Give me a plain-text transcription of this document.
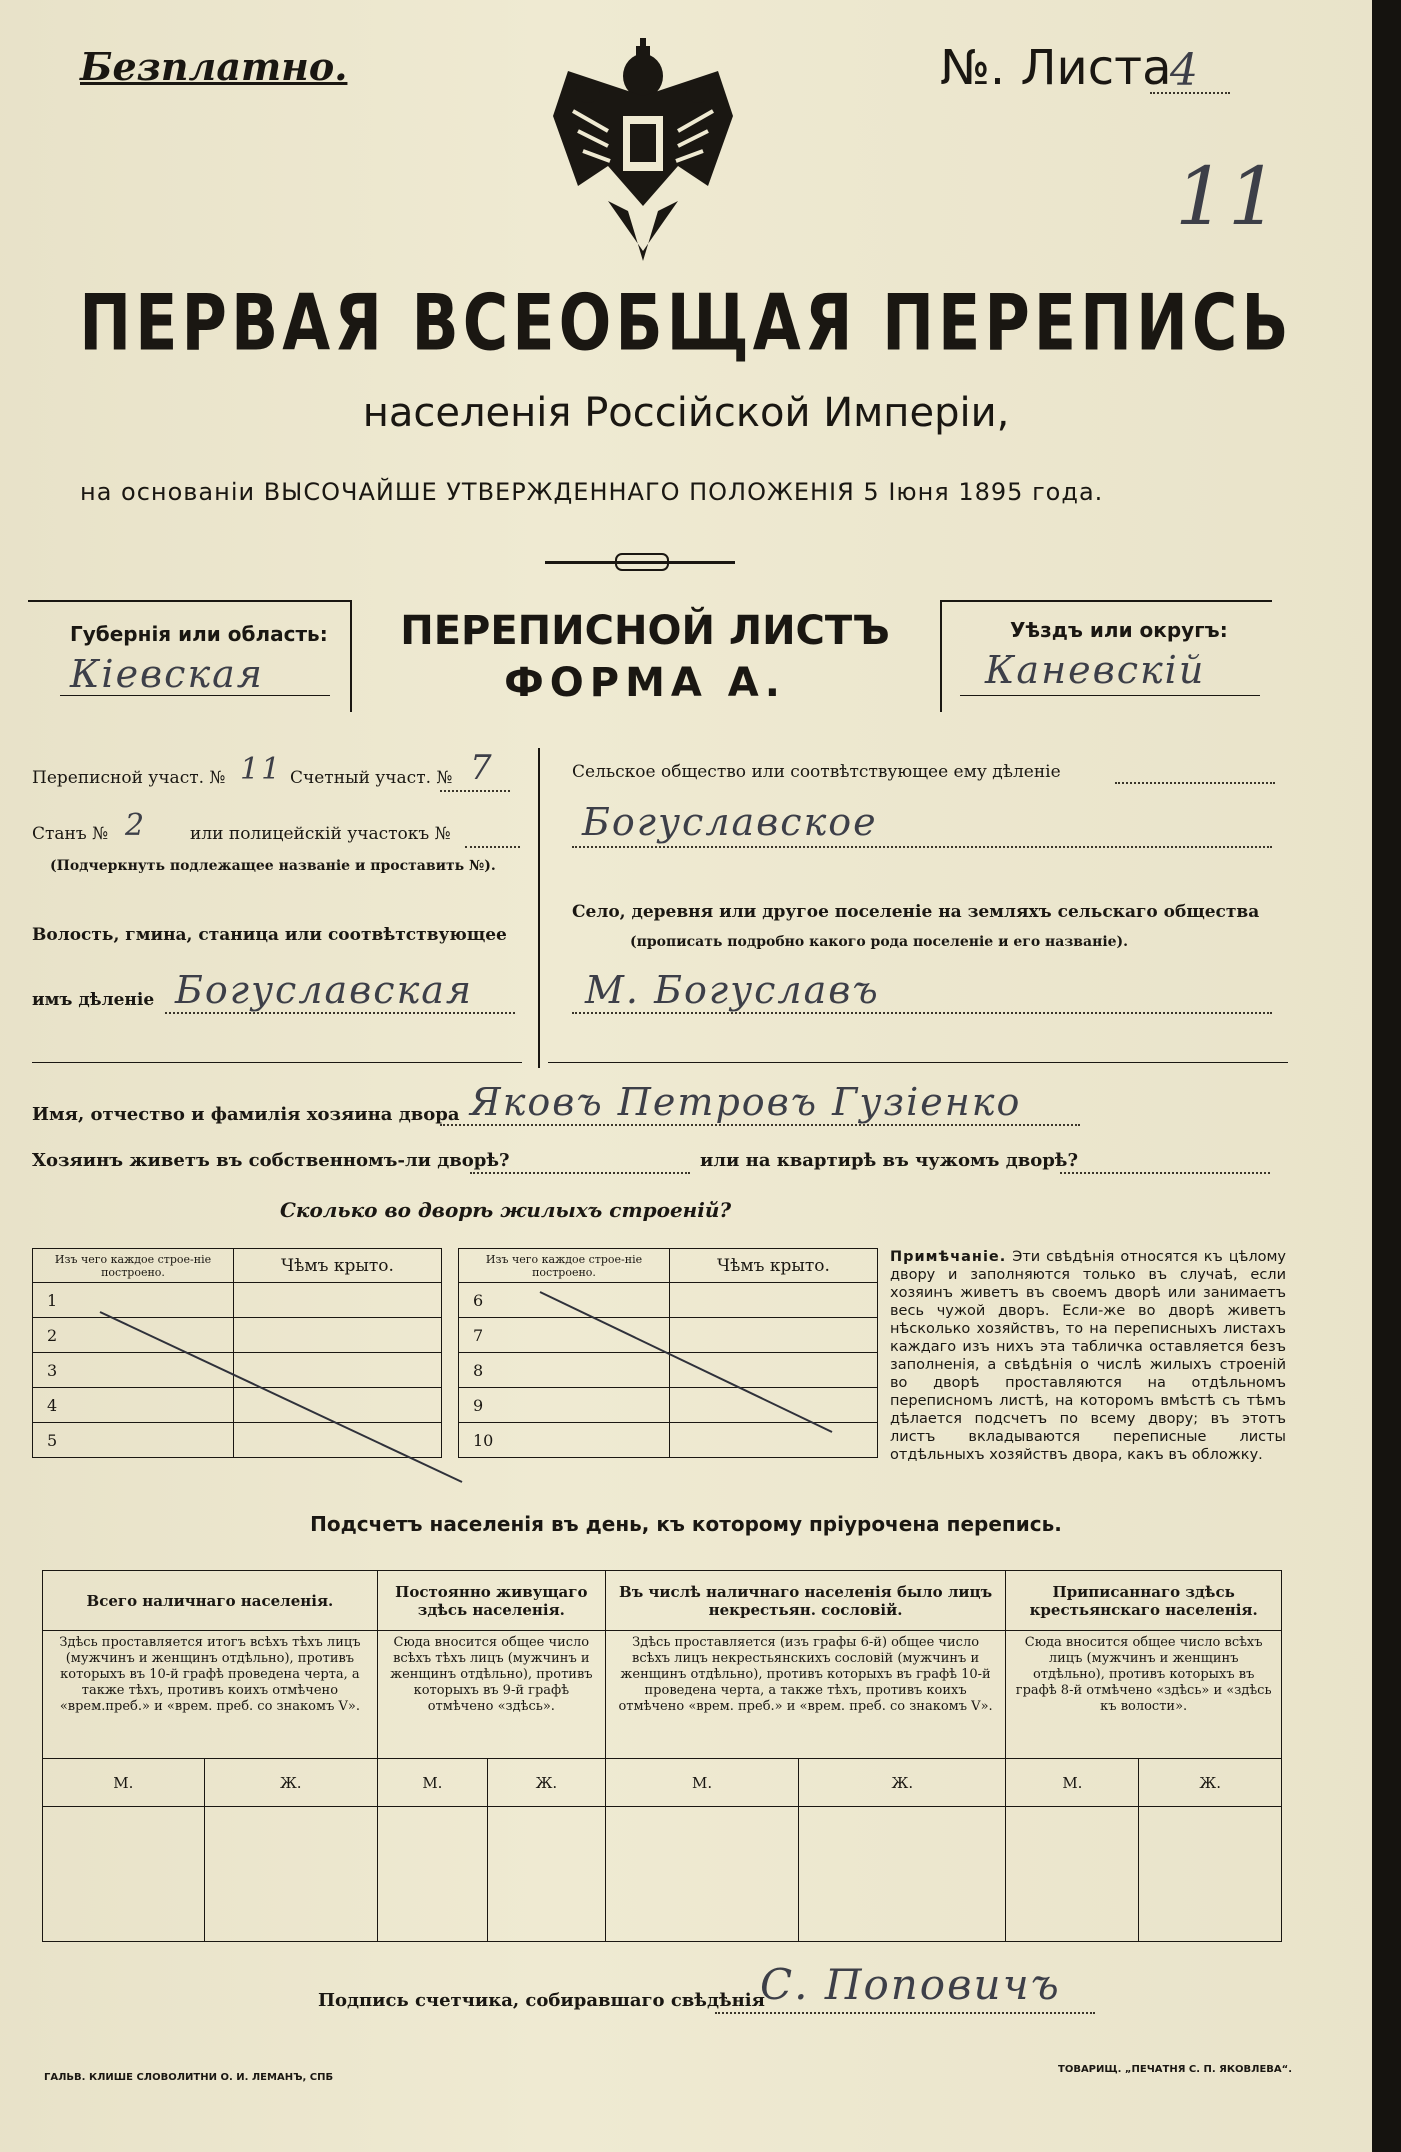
Безплатно.	№. Листа
4
11
ПЕРВАЯ ВСЕОБЩАЯ ПЕРЕПИСЬ
населенія Россійской Имперіи,
на основаніи ВЫСОЧАЙШЕ УТВЕРЖДЕННАГО ПОЛОЖЕНІЯ 5 Іюня 1895 года.
Губернія или область:
Кіевская
ПЕРЕПИСНОЙ ЛИСТЪ
ФОРМА А.
Уѣздъ или округъ:
Каневскій
Переписной участ. № 11 Счетный участ. № 7
Станъ № 2	или полицейскій участокъ №
(Подчеркнуть подлежащее названіе и проставить №).
Волость, гмина, станица или соотвѣтствующее
имъ дѣленіе Богуславская
Сельское общество или соотвѣтствующее ему дѣленіе
Богуславское
Село, деревня или другое поселеніе на земляхъ сельскаго общества
(прописать подробно какого рода поселеніе и его названіе).
М. Богуславъ
Имя, отчество и фамилія хозяина двора Яковъ Петровъ Гузіенко
Хозяинъ живетъ въ собственномъ-ли дворѣ?	или на квартирѣ въ чужомъ дворѣ?
Сколько во дворѣ жилыхъ строеній?
Изъ чего каждое строе-ніе построено.	Чѣмъ крыто.
1	
2	
3	
4	
5	
Изъ чего каждое строе-ніе построено.	Чѣмъ крыто.
6	
7	
8	
9	
10	
Примѣчаніе. Эти свѣдѣнія относятся къ цѣлому двору и заполняются только въ случаѣ, если хозяинъ живетъ въ своемъ дворѣ или занимаетъ весь чужой дворъ. Если-же во дворѣ живетъ нѣсколько хозяйствъ, то на переписныхъ листахъ каждаго изъ нихъ эта табличка оставляется безъ заполненія, а свѣдѣнія о числѣ жилыхъ строеній во дворѣ проставляются на отдѣльномъ переписномъ листѣ, на которомъ вмѣстѣ съ тѣмъ дѣлается подсчетъ по всему двору; въ этотъ листъ вкладываются переписные листы отдѣльныхъ хозяйствъ двора, какъ въ обложку.
Подсчетъ населенія въ день, къ которому пріурочена перепись.
Всего наличнаго населенія.		Постоянно живущаго здѣсь населенія.		Въ числѣ наличнаго населенія было лицъ некрестьян. сословій.		Приписаннаго здѣсь крестьянскаго населенія.	
Здѣсь проставляется итогъ всѣхъ тѣхъ лицъ (мужчинъ и женщинъ отдѣльно), противъ которыхъ въ 10-й графѣ проведена черта, а также тѣхъ, противъ коихъ отмѣчено «врем.преб.» и «врем. преб. со знакомъ V».		Сюда вносится общее число всѣхъ тѣхъ лицъ (мужчинъ и женщинъ отдѣльно), противъ которыхъ въ 9-й графѣ отмѣчено «здѣсь».		Здѣсь проставляется (изъ графы 6-й) общее число всѣхъ лицъ некрестьянскихъ сословій (мужчинъ и женщинъ отдѣльно), противъ которыхъ въ графѣ 10-й проведена черта, а также тѣхъ, противъ коихъ отмѣчено «врем. преб.» и «врем. преб. со знакомъ V».		Сюда вносится общее число всѣхъ лицъ (мужчинъ и женщинъ отдѣльно), противъ которыхъ въ графѣ 8-й отмѣчено «здѣсь» и «здѣсь къ волости».	
М.	Ж.	М.	Ж.	М.	Ж.	М.	Ж.

Подпись счетчика, собиравшаго свѣдѣнія
С. Поповичъ
ГАЛЬВ. КЛИШЕ СЛОВОЛИТНИ О. И. ЛЕМАНЪ, СПБ
ТОВАРИЩ. „ПЕЧАТНЯ С. П. ЯКОВЛЕВА“.
